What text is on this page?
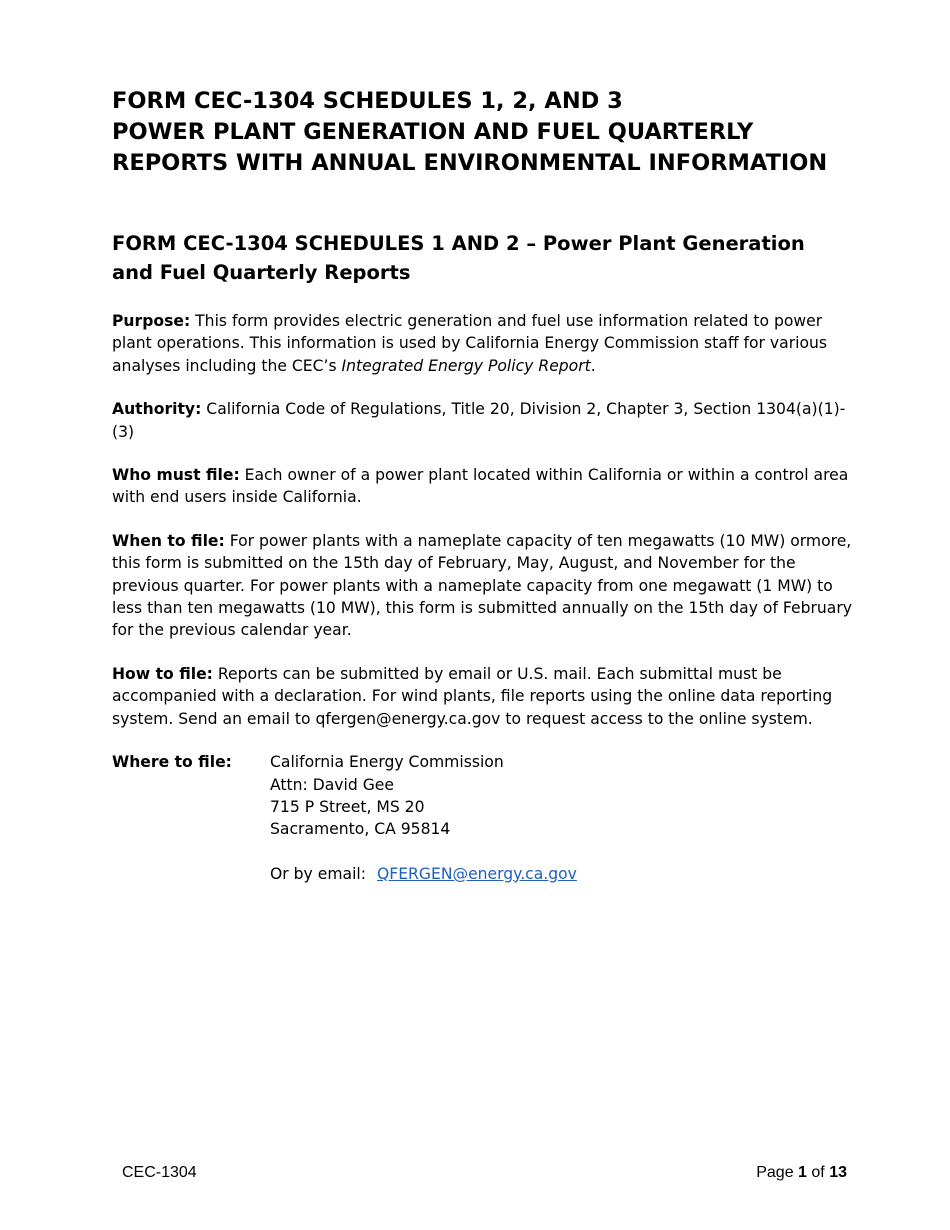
FORM CEC-1304 SCHEDULES 1, 2, AND 3
POWER PLANT GENERATION AND FUEL QUARTERLY
REPORTS WITH ANNUAL ENVIRONMENTAL INFORMATION
FORM CEC-1304 SCHEDULES 1 AND 2 – Power Plant Generation and Fuel Quarterly Reports

Purpose: This form provides electric generation and fuel use information related to power plant operations. This information is used by California Energy Commission staff for various analyses including the CEC’s Integrated Energy Policy Report.

Authority: California Code of Regulations, Title 20, Division 2, Chapter 3, Section 1304(a)(1)-(3)

Who must file: Each owner of a power plant located within California or within a control area with end users inside California.

When to file: For power plants with a nameplate capacity of ten megawatts (10 MW) ormore, this form is submitted on the 15th day of February, May, August, and November for the previous quarter. For power plants with a nameplate capacity from one megawatt (1 MW) to less than ten megawatts (10 MW), this form is submitted annually on the 15th day of February for the previous calendar year.

How to file: Reports can be submitted by email or U.S. mail. Each submittal must be accompanied with a declaration. For wind plants, file reports using the online data reporting system. Send an email to qfergen@energy.ca.gov to request access to the online system.

Where to file:	California Energy Commission
Attn: David Gee
715 P Street, MS 20
Sacramento, CA 95814
Or by email: QFERGEN@energy.ca.gov
CEC-1304	Page 1 of 13
